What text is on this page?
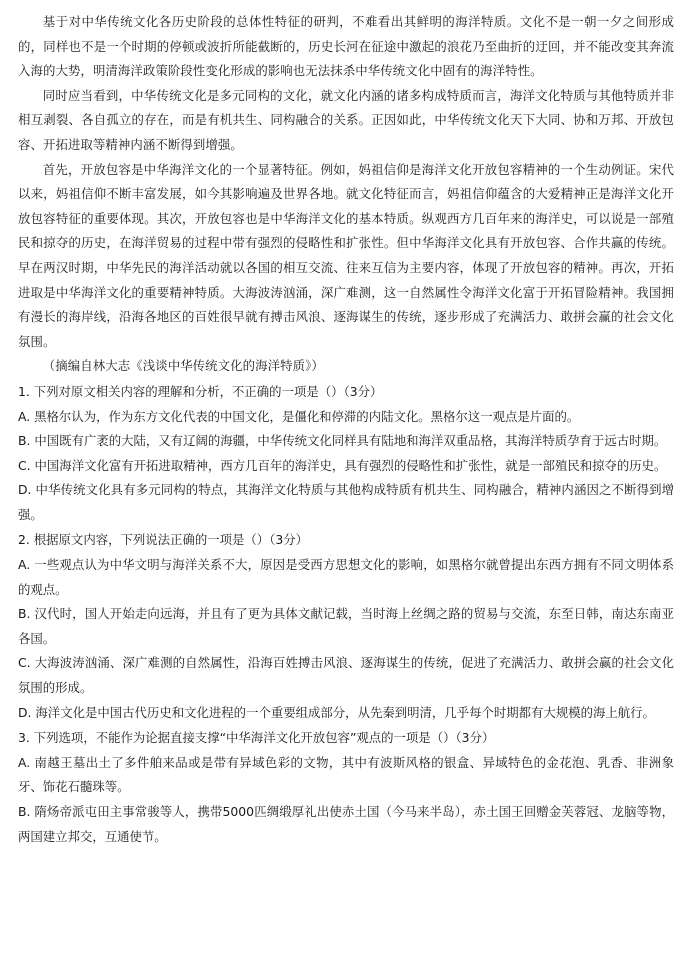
基于对中华传统文化各历史阶段的总体性特征的研判，不难看出其鲜明的海洋特质。文化不是一朝一夕之间形成的，同样也不是一个时期的停顿或波折所能截断的，历史长河在征途中激起的浪花乃至曲折的迂回，并不能改变其奔流入海的大势，明清海洋政策阶段性变化形成的影响也无法抹杀中华传统文化中固有的海洋特性。

同时应当看到，中华传统文化是多元同构的文化，就文化内涵的诸多构成特质而言，海洋文化特质与其他特质并非相互剥裂、各自孤立的存在，而是有机共生、同构融合的关系。正因如此，中华传统文化天下大同、协和万邦、开放包容、开拓进取等精神内涵不断得到增强。

首先，开放包容是中华海洋文化的一个显著特征。例如，妈祖信仰是海洋文化开放包容精神的一个生动例证。宋代以来，妈祖信仰不断丰富发展，如今其影响遍及世界各地。就文化特征而言，妈祖信仰蕴含的大爱精神正是海洋文化开放包容特征的重要体现。其次，开放包容也是中华海洋文化的基本特质。纵观西方几百年来的海洋史，可以说是一部殖民和掠夺的历史，在海洋贸易的过程中带有强烈的侵略性和扩张性。但中华海洋文化具有开放包容、合作共赢的传统。早在两汉时期，中华先民的海洋活动就以各国的相互交流、往来互信为主要内容，体现了开放包容的精神。再次，开拓进取是中华海洋文化的重要精神特质。大海波涛汹涌，深广难测，这一自然属性令海洋文化富于开拓冒险精神。我国拥有漫长的海岸线，沿海各地区的百姓很早就有搏击风浪、逐海谋生的传统，逐步形成了充满活力、敢拼会赢的社会文化氛围。

（摘编自林大志《浅谈中华传统文化的海洋特质》）

1. 下列对原文相关内容的理解和分析，不正确的一项是（）（3分）

A. 黑格尔认为，作为东方文化代表的中国文化，是僵化和停滞的内陆文化。黑格尔这一观点是片面的。

B. 中国既有广袤的大陆，又有辽阔的海疆，中华传统文化同样具有陆地和海洋双重品格，其海洋特质孕育于远古时期。

C. 中国海洋文化富有开拓进取精神，西方几百年的海洋史，具有强烈的侵略性和扩张性，就是一部殖民和掠夺的历史。

D. 中华传统文化具有多元同构的特点，其海洋文化特质与其他构成特质有机共生、同构融合，精神内涵因之不断得到增强。

2. 根据原文内容，下列说法正确的一项是（）（3分）

A. 一些观点认为中华文明与海洋关系不大，原因是受西方思想文化的影响，如黑格尔就曾提出东西方拥有不同文明体系的观点。

B. 汉代时，国人开始走向远海，并且有了更为具体文献记载，当时海上丝绸之路的贸易与交流，东至日韩，南达东南亚各国。

C. 大海波涛汹涌、深广难测的自然属性，沿海百姓搏击风浪、逐海谋生的传统，促进了充满活力、敢拼会赢的社会文化氛围的形成。

D. 海洋文化是中国古代历史和文化进程的一个重要组成部分，从先秦到明清，几乎每个时期都有大规模的海上航行。

3. 下列选项，不能作为论据直接支撑“中华海洋文化开放包容”观点的一项是（）（3分）

A. 南越王墓出土了多件舶来品或是带有异域色彩的文物，其中有波斯风格的银盒、异域特色的金花泡、乳香、非洲象牙、饰花石髓珠等。

B. 隋炀帝派屯田主事常骏等人，携带5000匹绸缎厚礼出使赤土国（今马来半岛），赤土国王回赠金芙蓉冠、龙脑等物，两国建立邦交，互通使节。
